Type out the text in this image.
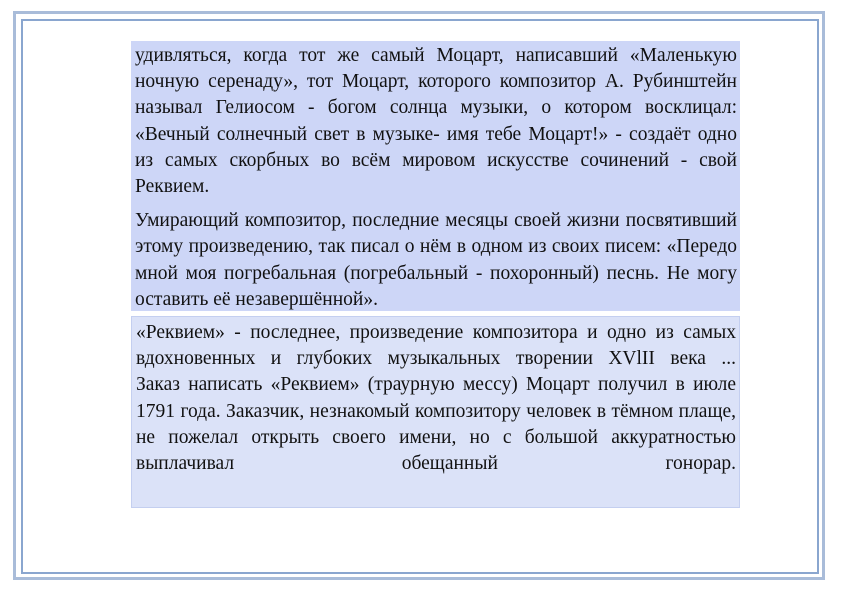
удивляться, когда тот же самый Моцарт, написавший «Маленькую ночную серенаду», тот Моцарт, которого композитор А. Рубинштейн называл Гелиосом - богом солнца музыки, о котором восклицал: «Вечный солнечный свет в музыке- имя тебе Моцарт!» - создаёт одно из самых скорбных во всём мировом искусстве сочинений - свой Реквием.

Умирающий композитор, последние месяцы своей жизни посвятивший этому произведению, так писал о нём в одном из своих писем: «Передо мной моя погребальная (погребальный - похоронный) песнь. Не могу оставить её незавершённой».

«Реквием» - последнее, произведение композитора и одно из самых вдохновенных и глубоких музыкальных творении XVlII века ...

Заказ написать «Реквием» (траурную мессу) Моцарт получил в июле 1791 года. Заказчик, незнакомый композитору человек в тёмном плаще, не пожелал открыть своего имени, но с большой аккуратностью выплачивал обещанный гонорар.
